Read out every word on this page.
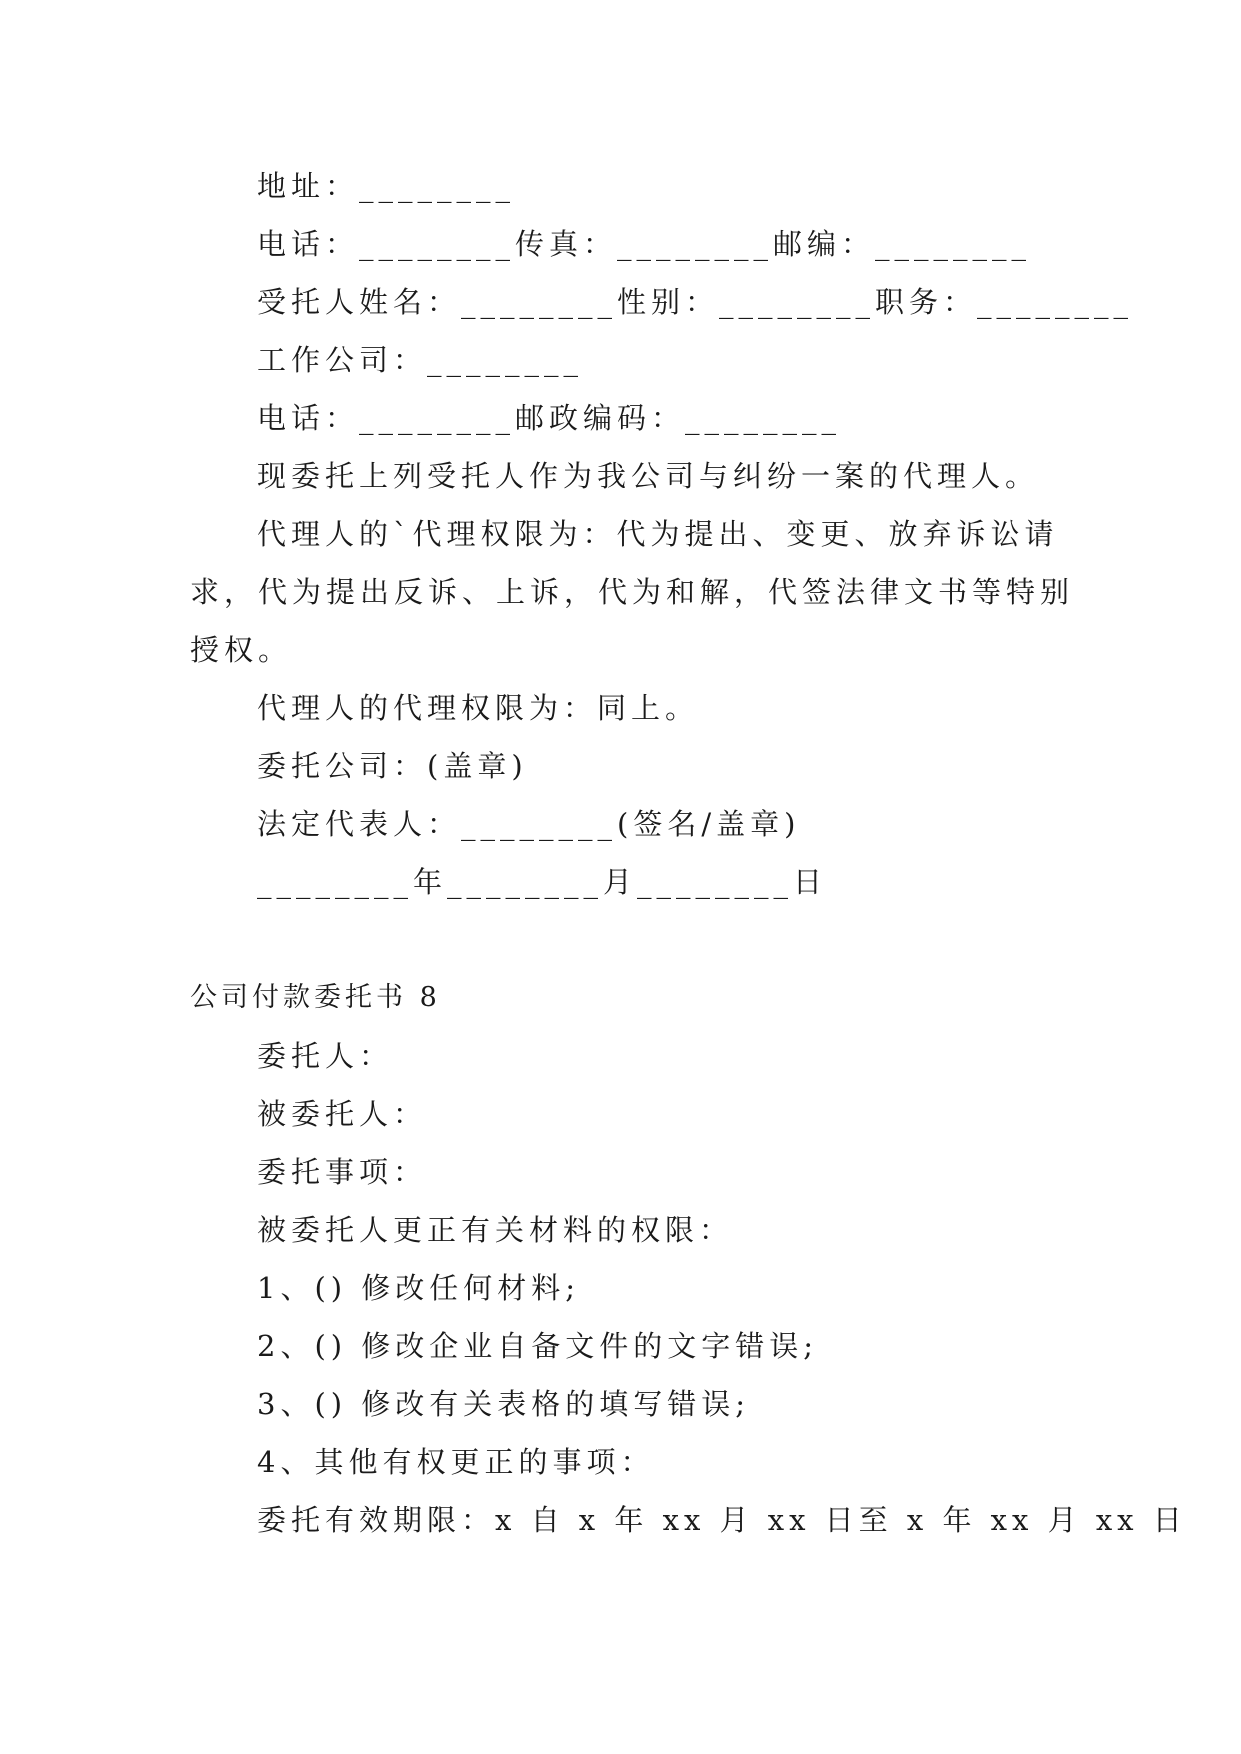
地址：________
电话：________传真：________邮编：________
受托人姓名：________性别：________职务：________
工作公司：________
电话：________邮政编码：________
现委托上列受托人作为我公司与纠纷一案的代理人。
代理人的`代理权限为：代为提出、变更、放弃诉讼请
求，代为提出反诉、上诉，代为和解，代签法律文书等特别
授权。
代理人的代理权限为：同上。
委托公司：(盖章)
法定代表人：________(签名/盖章)
________年________月________日
公司付款委托书 8
委托人：
被委托人：
委托事项：
被委托人更正有关材料的权限：
1、() 修改任何材料;
2、() 修改企业自备文件的文字错误;
3、() 修改有关表格的填写错误;
4、其他有权更正的事项：
委托有效期限：x 自 x 年 xx 月 xx 日至 x 年 xx 月 xx 日
